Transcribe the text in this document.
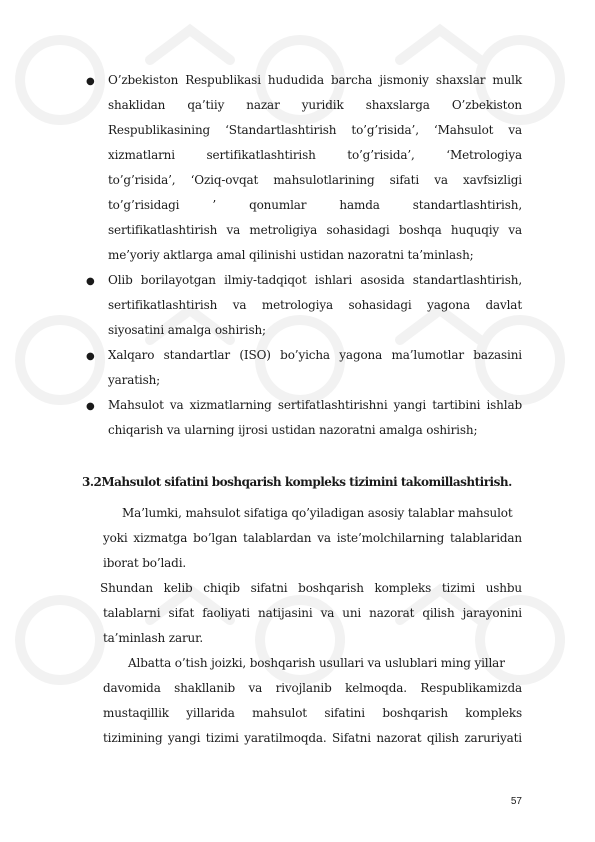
● O’zbekiston Respublikasi hududida barcha jismoniy shaxslar mulk
shaklidan qa’tiiy nazar yuridik shaxslarga O’zbekiston
Respublikasining ‘Standartlashtirish to’g’risida’, ‘Mahsulot va
xizmatlarni sertifikatlashtirish to’g’risida’, ‘Metrologiya
to’g’risida’, ‘Oziq-ovqat mahsulotlarining sifati va xavfsizligi
to’g’risidagi ’ qonumlar hamda standartlashtirish,
sertifikatlashtirish va metroligiya sohasidagi boshqa huquqiy va
me’yoriy aktlarga amal qilinishi ustidan nazoratni ta’minlash;
● Olib borilayotgan ilmiy-tadqiqot ishlari asosida standartlashtirish,
sertifikatlashtirish va metrologiya sohasidagi yagona davlat
siyosatini amalga oshirish;
● Xalqaro standartlar (ISO) bo’yicha yagona ma’lumotlar bazasini
yaratish;
● Mahsulot va xizmatlarning sertifatlashtirishni yangi tartibini ishlab
chiqarish va ularning ijrosi ustidan nazoratni amalga oshirish;
3.2Mahsulot sifatini boshqarish kompleks tizimini takomillashtirish.
Ma’lumki, mahsulot sifatiga qo’yiladigan asosiy talablar mahsulot
yoki xizmatga bo’lgan talablardan va iste’molchilarning talablaridan
iborat bo’ladi.
Shundan kelib chiqib sifatni boshqarish kompleks tizimi ushbu
talablarni sifat faoliyati natijasini va uni nazorat qilish jarayonini
ta’minlash zarur.
Albatta o’tish joizki, boshqarish usullari va uslublari ming yillar
davomida shakllanib va rivojlanib kelmoqda. Respublikamizda
mustaqillik yillarida mahsulot sifatini boshqarish kompleks
tizimining yangi tizimi yaratilmoqda. Sifatni nazorat qilish zaruriyati
57
